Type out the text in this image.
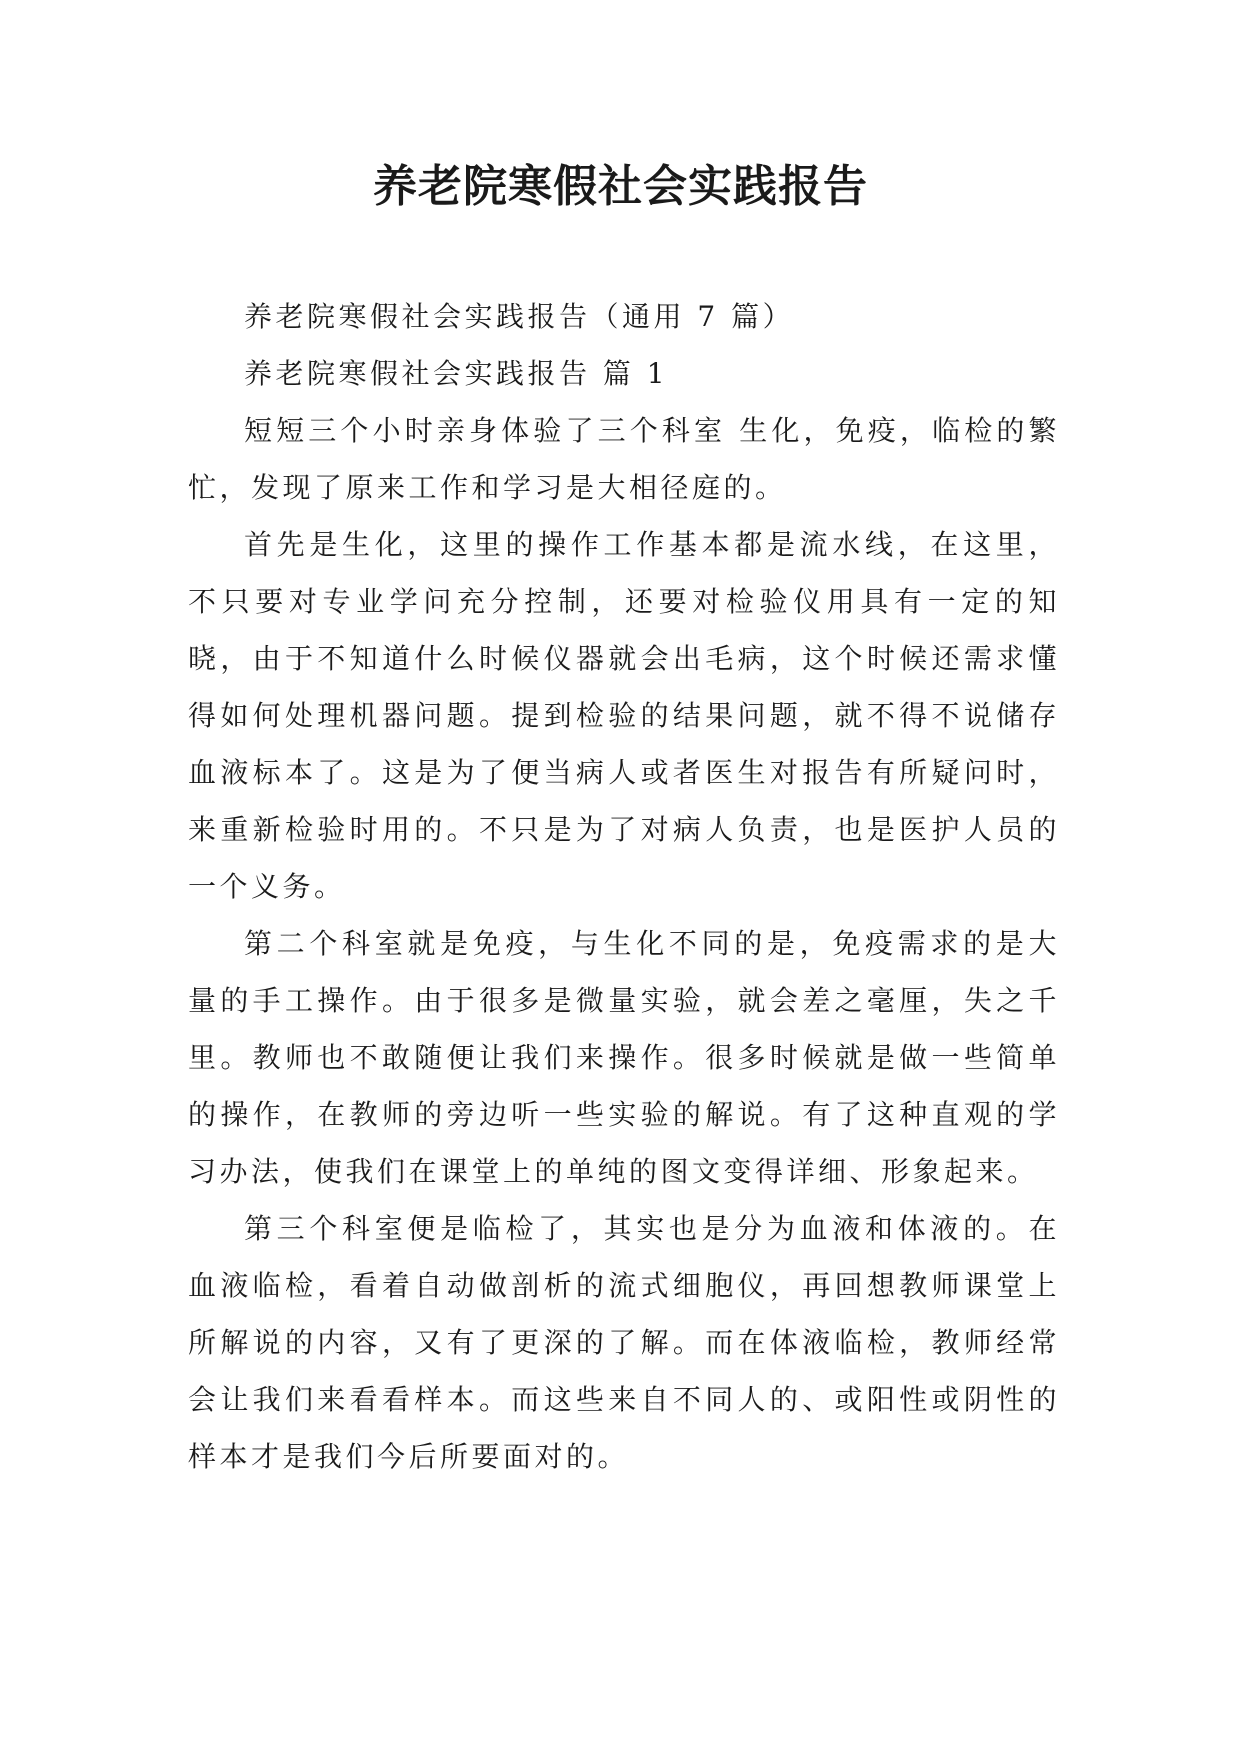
养老院寒假社会实践报告

养老院寒假社会实践报告（通用 7 篇）

养老院寒假社会实践报告 篇 1

短短三个小时亲身体验了三个科室 生化，免疫，临检的繁忙，发现了原来工作和学习是大相径庭的。

首先是生化，这里的操作工作基本都是流水线，在这里，不只要对专业学问充分控制，还要对检验仪用具有一定的知晓，由于不知道什么时候仪器就会出毛病，这个时候还需求懂得如何处理机器问题。提到检验的结果问题，就不得不说储存血液标本了。这是为了便当病人或者医生对报告有所疑问时，来重新检验时用的。不只是为了对病人负责，也是医护人员的一个义务。

第二个科室就是免疫，与生化不同的是，免疫需求的是大量的手工操作。由于很多是微量实验，就会差之毫厘，失之千里。教师也不敢随便让我们来操作。很多时候就是做一些简单的操作，在教师的旁边听一些实验的解说。有了这种直观的学习办法，使我们在课堂上的单纯的图文变得详细、形象起来。

第三个科室便是临检了，其实也是分为血液和体液的。在血液临检，看着自动做剖析的流式细胞仪，再回想教师课堂上所解说的内容，又有了更深的了解。而在体液临检，教师经常会让我们来看看样本。而这些来自不同人的、或阳性或阴性的样本才是我们今后所要面对的。
